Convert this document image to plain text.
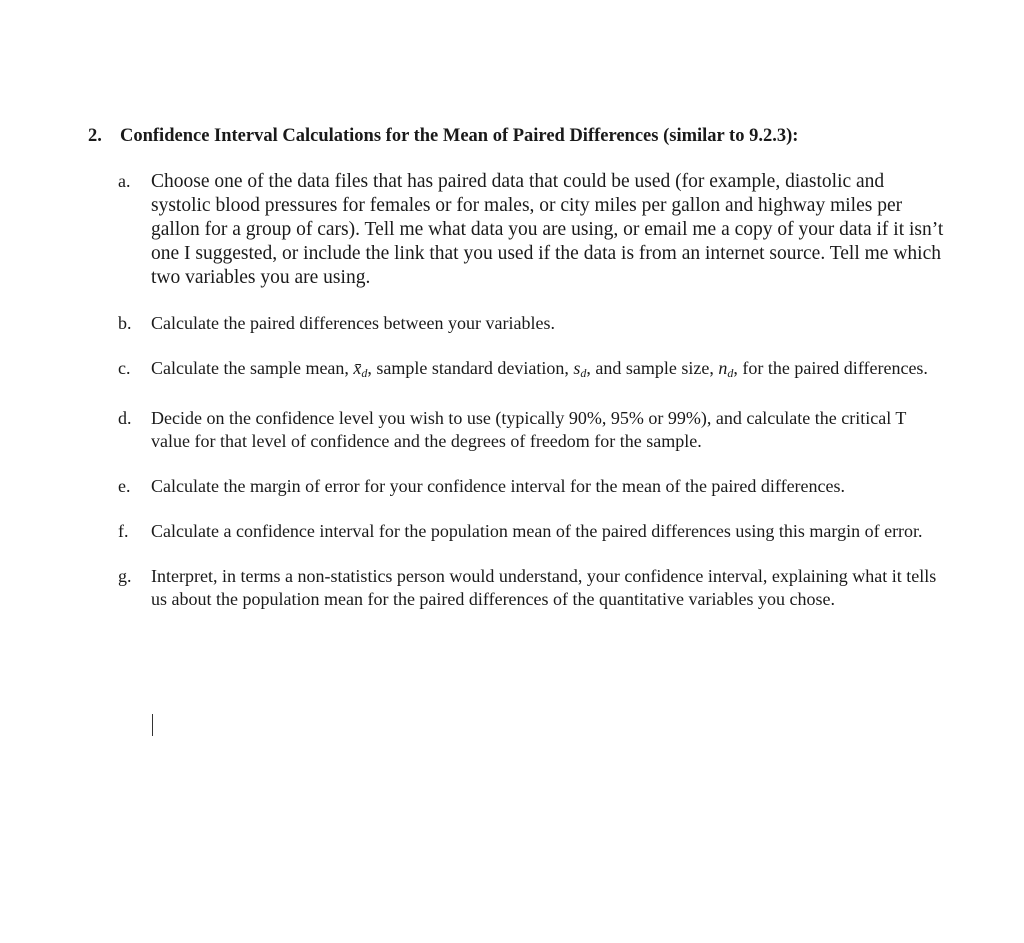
2. Confidence Interval Calculations for the Mean of Paired Differences (similar to 9.2.3):
a.	Choose one of the data files that has paired data that could be used (for example, diastolic and systolic blood pressures for females or for males, or city miles per gallon and highway miles per gallon for a group of cars). Tell me what data you are using, or email me a copy of your data if it isn’t one I suggested, or include the link that you used if the data is from an internet source. Tell me which two variables you are using.

b.	Calculate the paired differences between your variables.

c.	Calculate the sample mean, $x̄_d$, sample standard deviation, $s_d$, and sample size, $n_d$, for the paired differences.

d.	Decide on the confidence level you wish to use (typically 90%, 95% or 99%), and calculate the critical T value for that level of confidence and the degrees of freedom for the sample.

e.	Calculate the margin of error for your confidence interval for the mean of the paired differences.

f.	Calculate a confidence interval for the population mean of the paired differences using this margin of error.

g.	Interpret, in terms a non-statistics person would understand, your confidence interval, explaining what it tells us about the population mean for the paired differences of the quantitative variables you chose.
